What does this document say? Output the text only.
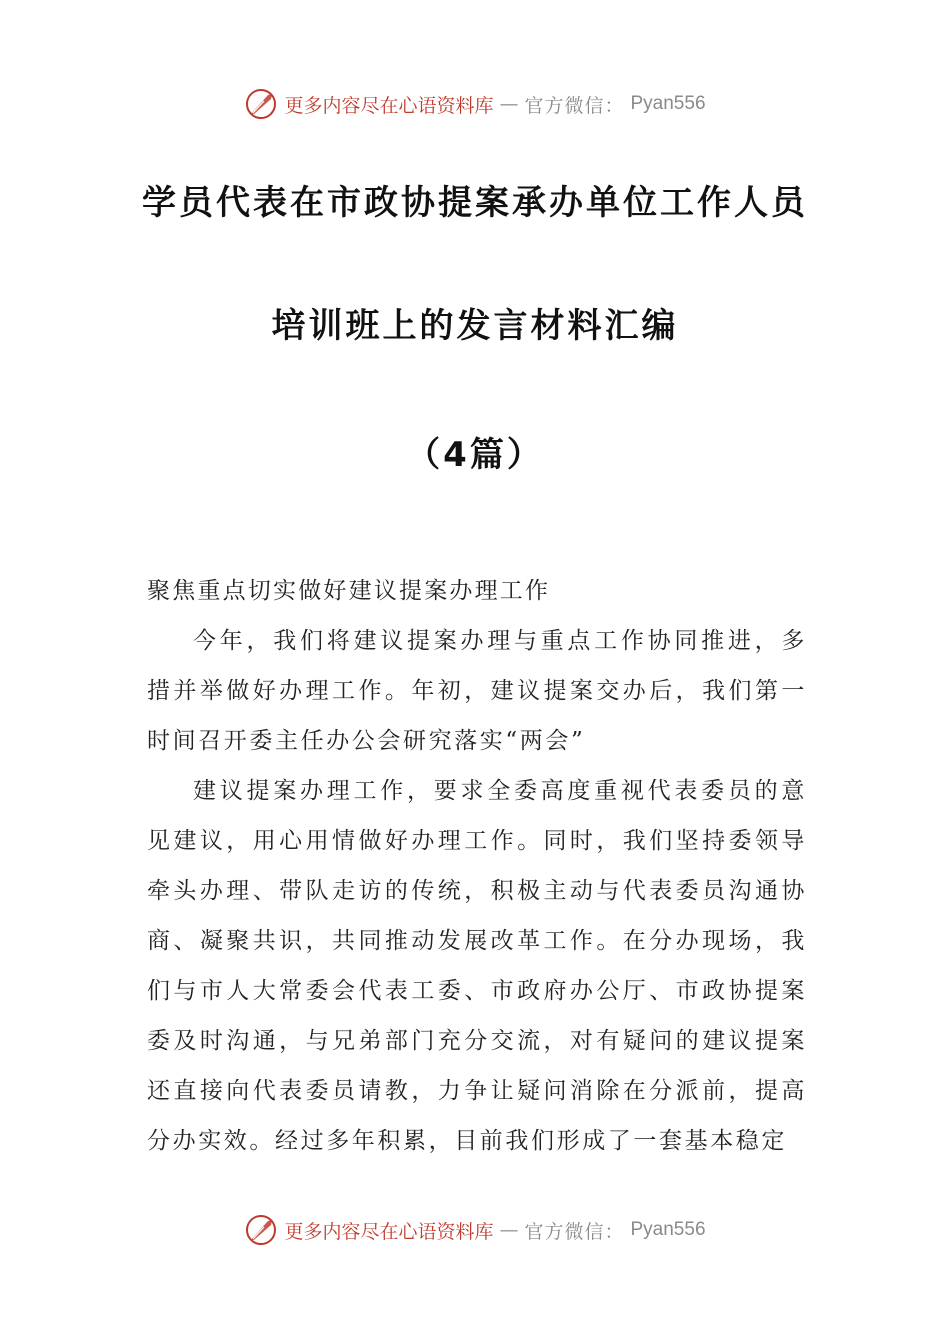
更多内容尽在心语资料库 — 官方微信： Pyan556
学员代表在市政协提案承办单位工作人员
培训班上的发言材料汇编
（4篇）

聚焦重点切实做好建议提案办理工作

今年，我们将建议提案办理与重点工作协同推进，多措并举做好办理工作。年初，建议提案交办后，我们第一时间召开委主任办公会研究落实“两会”

建议提案办理工作，要求全委高度重视代表委员的意见建议，用心用情做好办理工作。同时，我们坚持委领导牵头办理、带队走访的传统，积极主动与代表委员沟通协商、凝聚共识，共同推动发展改革工作。在分办现场，我们与市人大常委会代表工委、市政府办公厅、市政协提案委及时沟通，与兄弟部门充分交流，对有疑问的建议提案还直接向代表委员请教，力争让疑问消除在分派前，提高分办实效。经过多年积累，目前我们形成了一套基本稳定

更多内容尽在心语资料库 — 官方微信： Pyan556
